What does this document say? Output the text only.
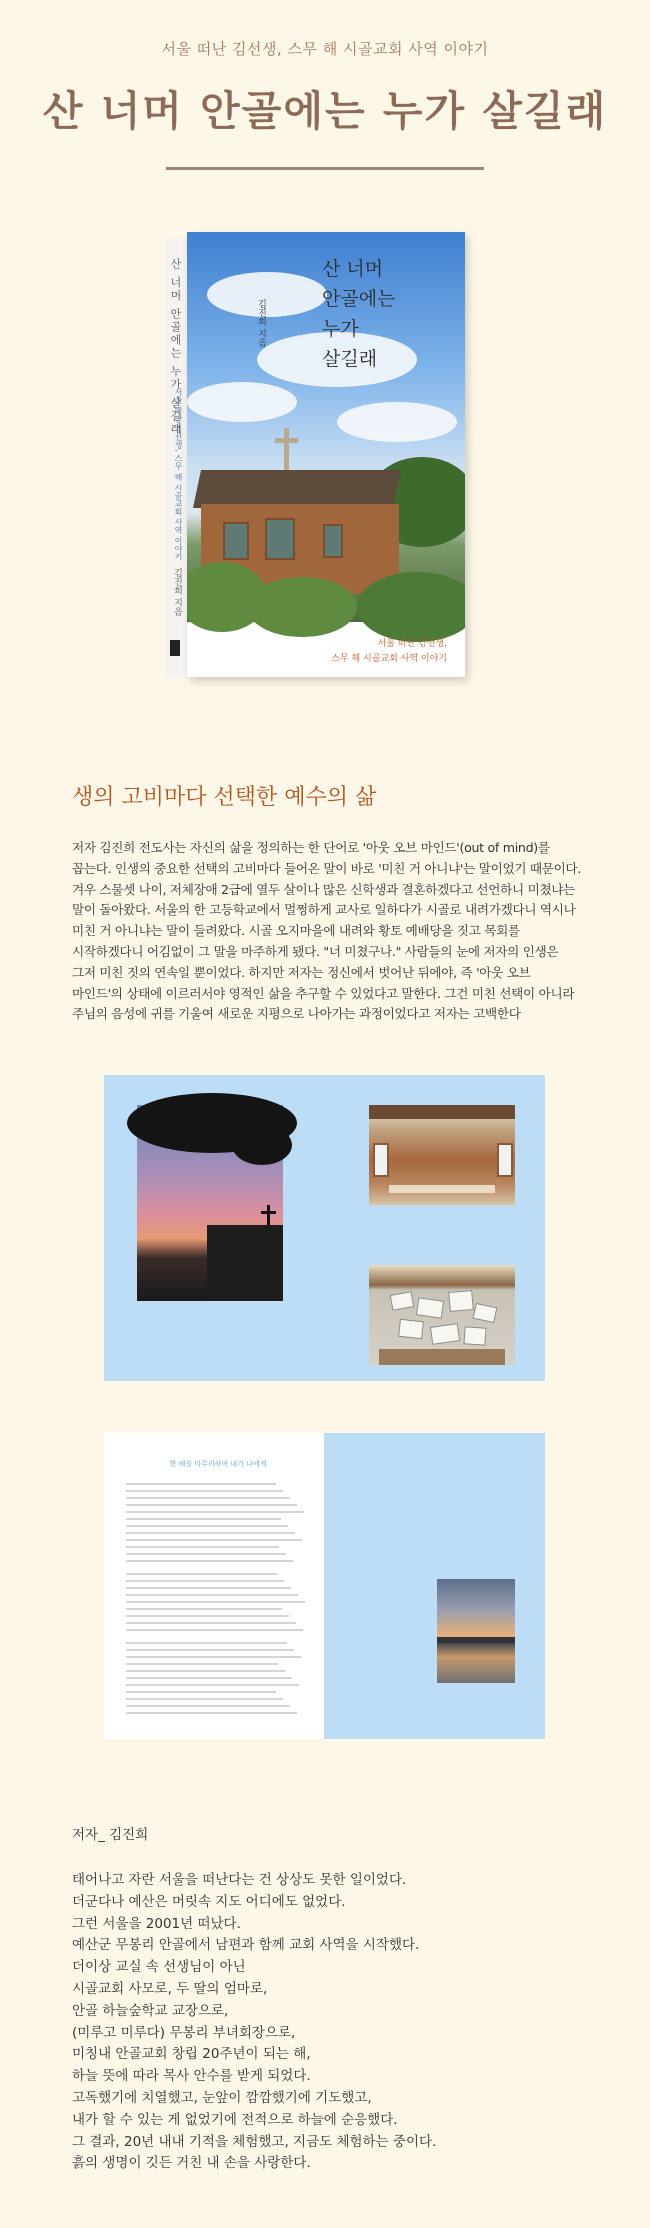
서울 떠난 김선생, 스무 해 시골교회 사역 이야기
산 너머 안골에는 누가 살길래
산 너머 안골에는 누가 살길래
서울 떠난 김선생, 스무 해 시골교회 사역 이야기
김진희 지음
산 너머
안골에는
누가
살길래
김진희 지음
서울 떠난 김선생,
스무 해 시골교회 사역 이야기
생의 고비마다 선택한 예수의 삶
저자 김진희 전도사는 자신의 삶을 정의하는 한 단어로 '아웃 오브 마인드'(out of mind)를 꼽는다. 인생의 중요한 선택의 고비마다 들어온 말이 바로 '미친 거 아니냐'는 말이었기 때문이다. 겨우 스물셋 나이, 저체장애 2급에 열두 살이나 많은 신학생과 결혼하겠다고 선언하니 미쳤냐는 말이 돌아왔다. 서울의 한 고등학교에서 멀쩡하게 교사로 일하다가 시골로 내려가겠다니 역시나 미친 거 아니냐는 말이 들려왔다. 시골 오지마을에 내려와 황토 예배당을 짓고 목회를 시작하겠다니 어김없이 그 말을 마주하게 됐다. "너 미쳤구나." 사람들의 눈에 저자의 인생은 그저 미친 짓의 연속일 뿐이었다. 하지만 저자는 정신에서 벗어난 뒤에야, 즉 '아웃 오브 마인드'의 상태에 이르러서야 영적인 삶을 추구할 수 있었다고 말한다. 그건 미친 선택이 아니라 주님의 음성에 귀를 기울여 새로운 지평으로 나아가는 과정이었다고 저자는 고백한다
한 해를 마무리하며 내가 나에게
저자_ 김진희
태어나고 자란 서울을 떠난다는 건 상상도 못한 일이었다.
더군다나 예산은 머릿속 지도 어디에도 없었다.
그런 서울을 2001년 떠났다.
예산군 무봉리 안골에서 남편과 함께 교회 사역을 시작했다.
더이상 교실 속 선생님이 아닌
시골교회 사모로, 두 딸의 엄마로,
안골 하늘숲학교 교장으로,
(미루고 미루다) 무봉리 부녀회장으로,
미칭내 안골교회 창립 20주년이 되는 해,
하늘 뜻에 따라 목사 안수를 받게 되었다.
고독했기에 치열했고, 눈앞이 깜깜했기에 기도했고,
내가 할 수 있는 게 없었기에 전적으로 하늘에 순응했다.
그 결과, 20년 내내 기적을 체험했고, 지금도 체험하는 중이다.
흙의 생명이 깃든 거친 내 손을 사랑한다.
